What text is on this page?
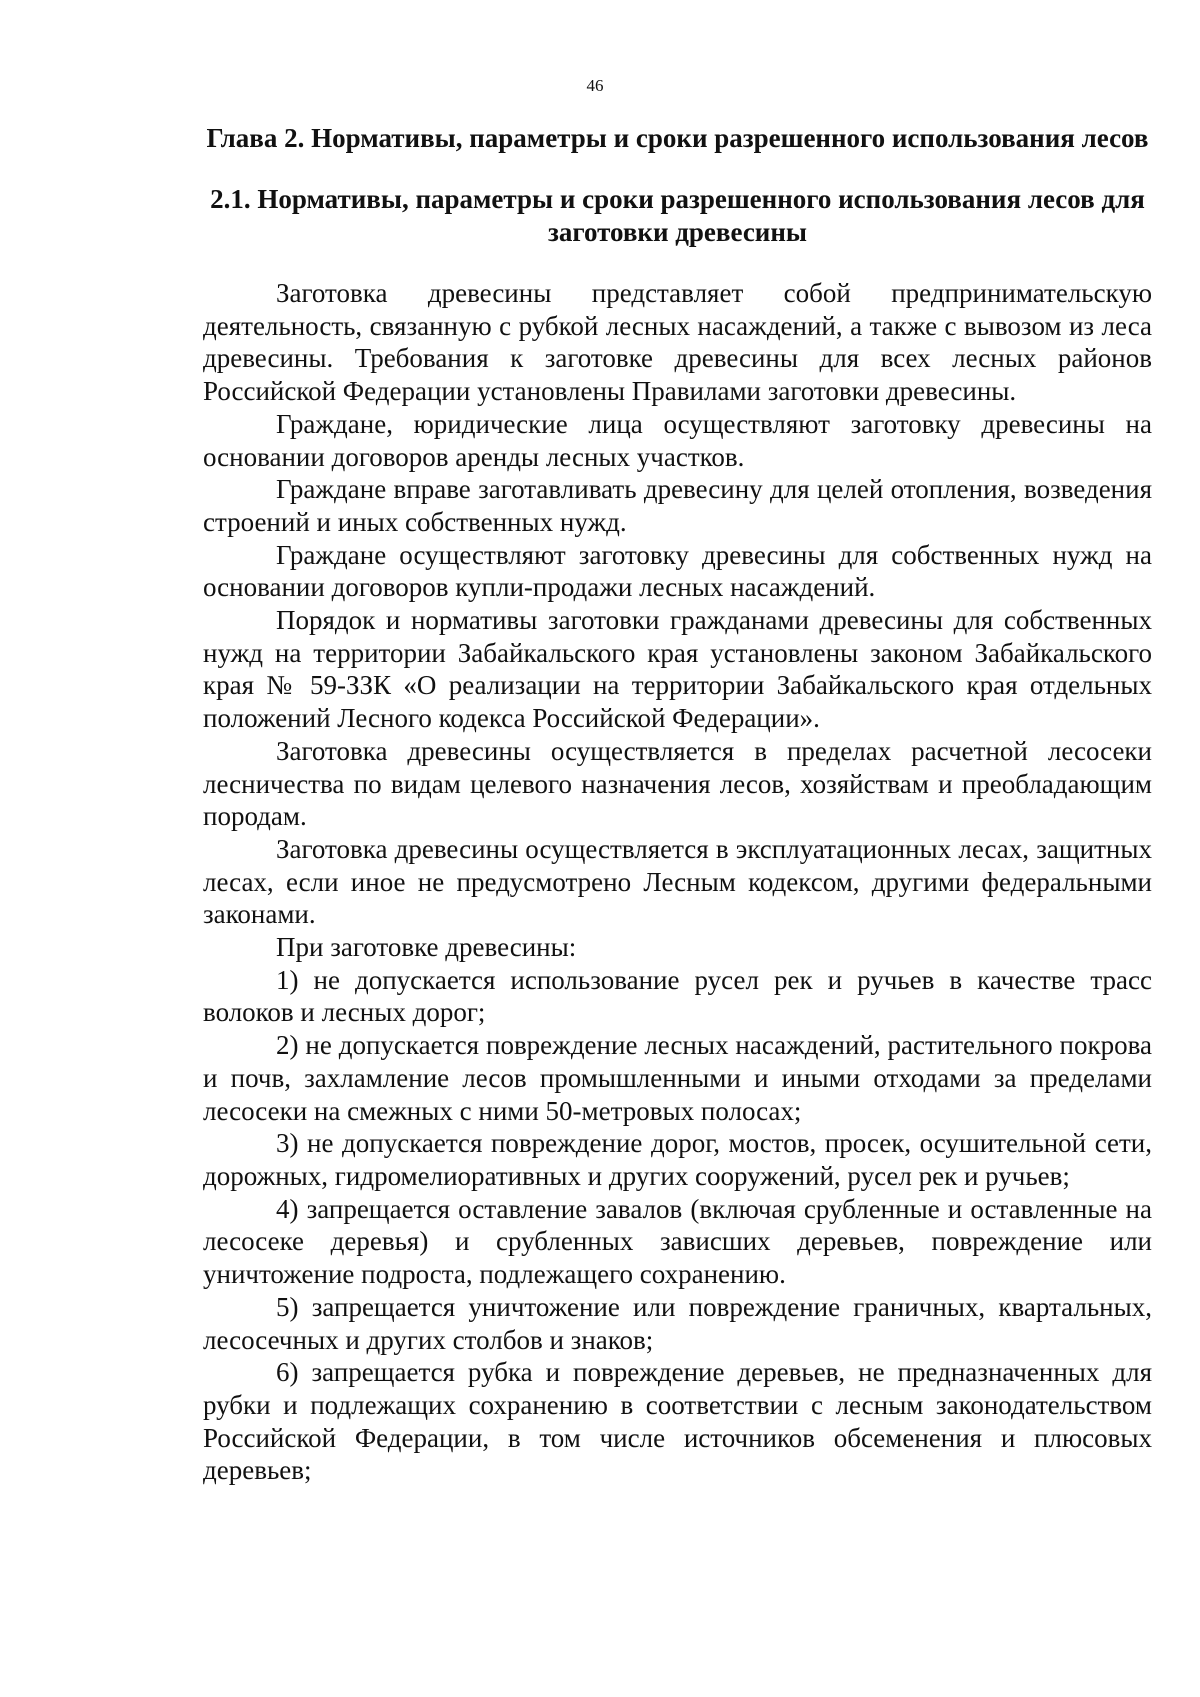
46
Глава 2. Нормативы, параметры и сроки разрешенного использования лесов
2.1. Нормативы, параметры и сроки разрешенного использования лесов для заготовки древесины

Заготовка древесины представляет собой предпринимательскую деятельность, связанную с рубкой лесных насаждений, а также с вывозом из леса древесины. Требования к заготовке древесины для всех лесных районов Российской Федерации установлены Правилами заготовки древесины.

Граждане, юридические лица осуществляют заготовку древесины на основании договоров аренды лесных участков.

Граждане вправе заготавливать древесину для целей отопления, возведения строений и иных собственных нужд.

Граждане осуществляют заготовку древесины для собственных нужд на основании договоров купли-продажи лесных насаждений.

Порядок и нормативы заготовки гражданами древесины для собственных нужд на территории Забайкальского края установлены законом Забайкальского края № 59-ЗЗК «О реализации на территории Забайкальского края отдельных положений Лесного кодекса Российской Федерации».

Заготовка древесины осуществляется в пределах расчетной лесосеки лесничества по видам целевого назначения лесов, хозяйствам и преобладающим породам.

Заготовка древесины осуществляется в эксплуатационных лесах, защитных лесах, если иное не предусмотрено Лесным кодексом, другими федеральными законами.

При заготовке древесины:

1) не допускается использование русел рек и ручьев в качестве трасс волоков и лесных дорог;

2) не допускается повреждение лесных насаждений, растительного покрова и почв, захламление лесов промышленными и иными отходами за пределами лесосеки на смежных с ними 50-метровых полосах;

3) не допускается повреждение дорог, мостов, просек, осушительной сети, дорожных, гидромелиоративных и других сооружений, русел рек и ручьев;

4) запрещается оставление завалов (включая срубленные и оставленные на лесосеке деревья) и срубленных зависших деревьев, повреждение или уничтожение подроста, подлежащего сохранению.

5) запрещается уничтожение или повреждение граничных, квартальных, лесосечных и других столбов и знаков;

6) запрещается рубка и повреждение деревьев, не предназначенных для рубки и подлежащих сохранению в соответствии с лесным законодательством Российской Федерации, в том числе источников обсеменения и плюсовых деревьев;
